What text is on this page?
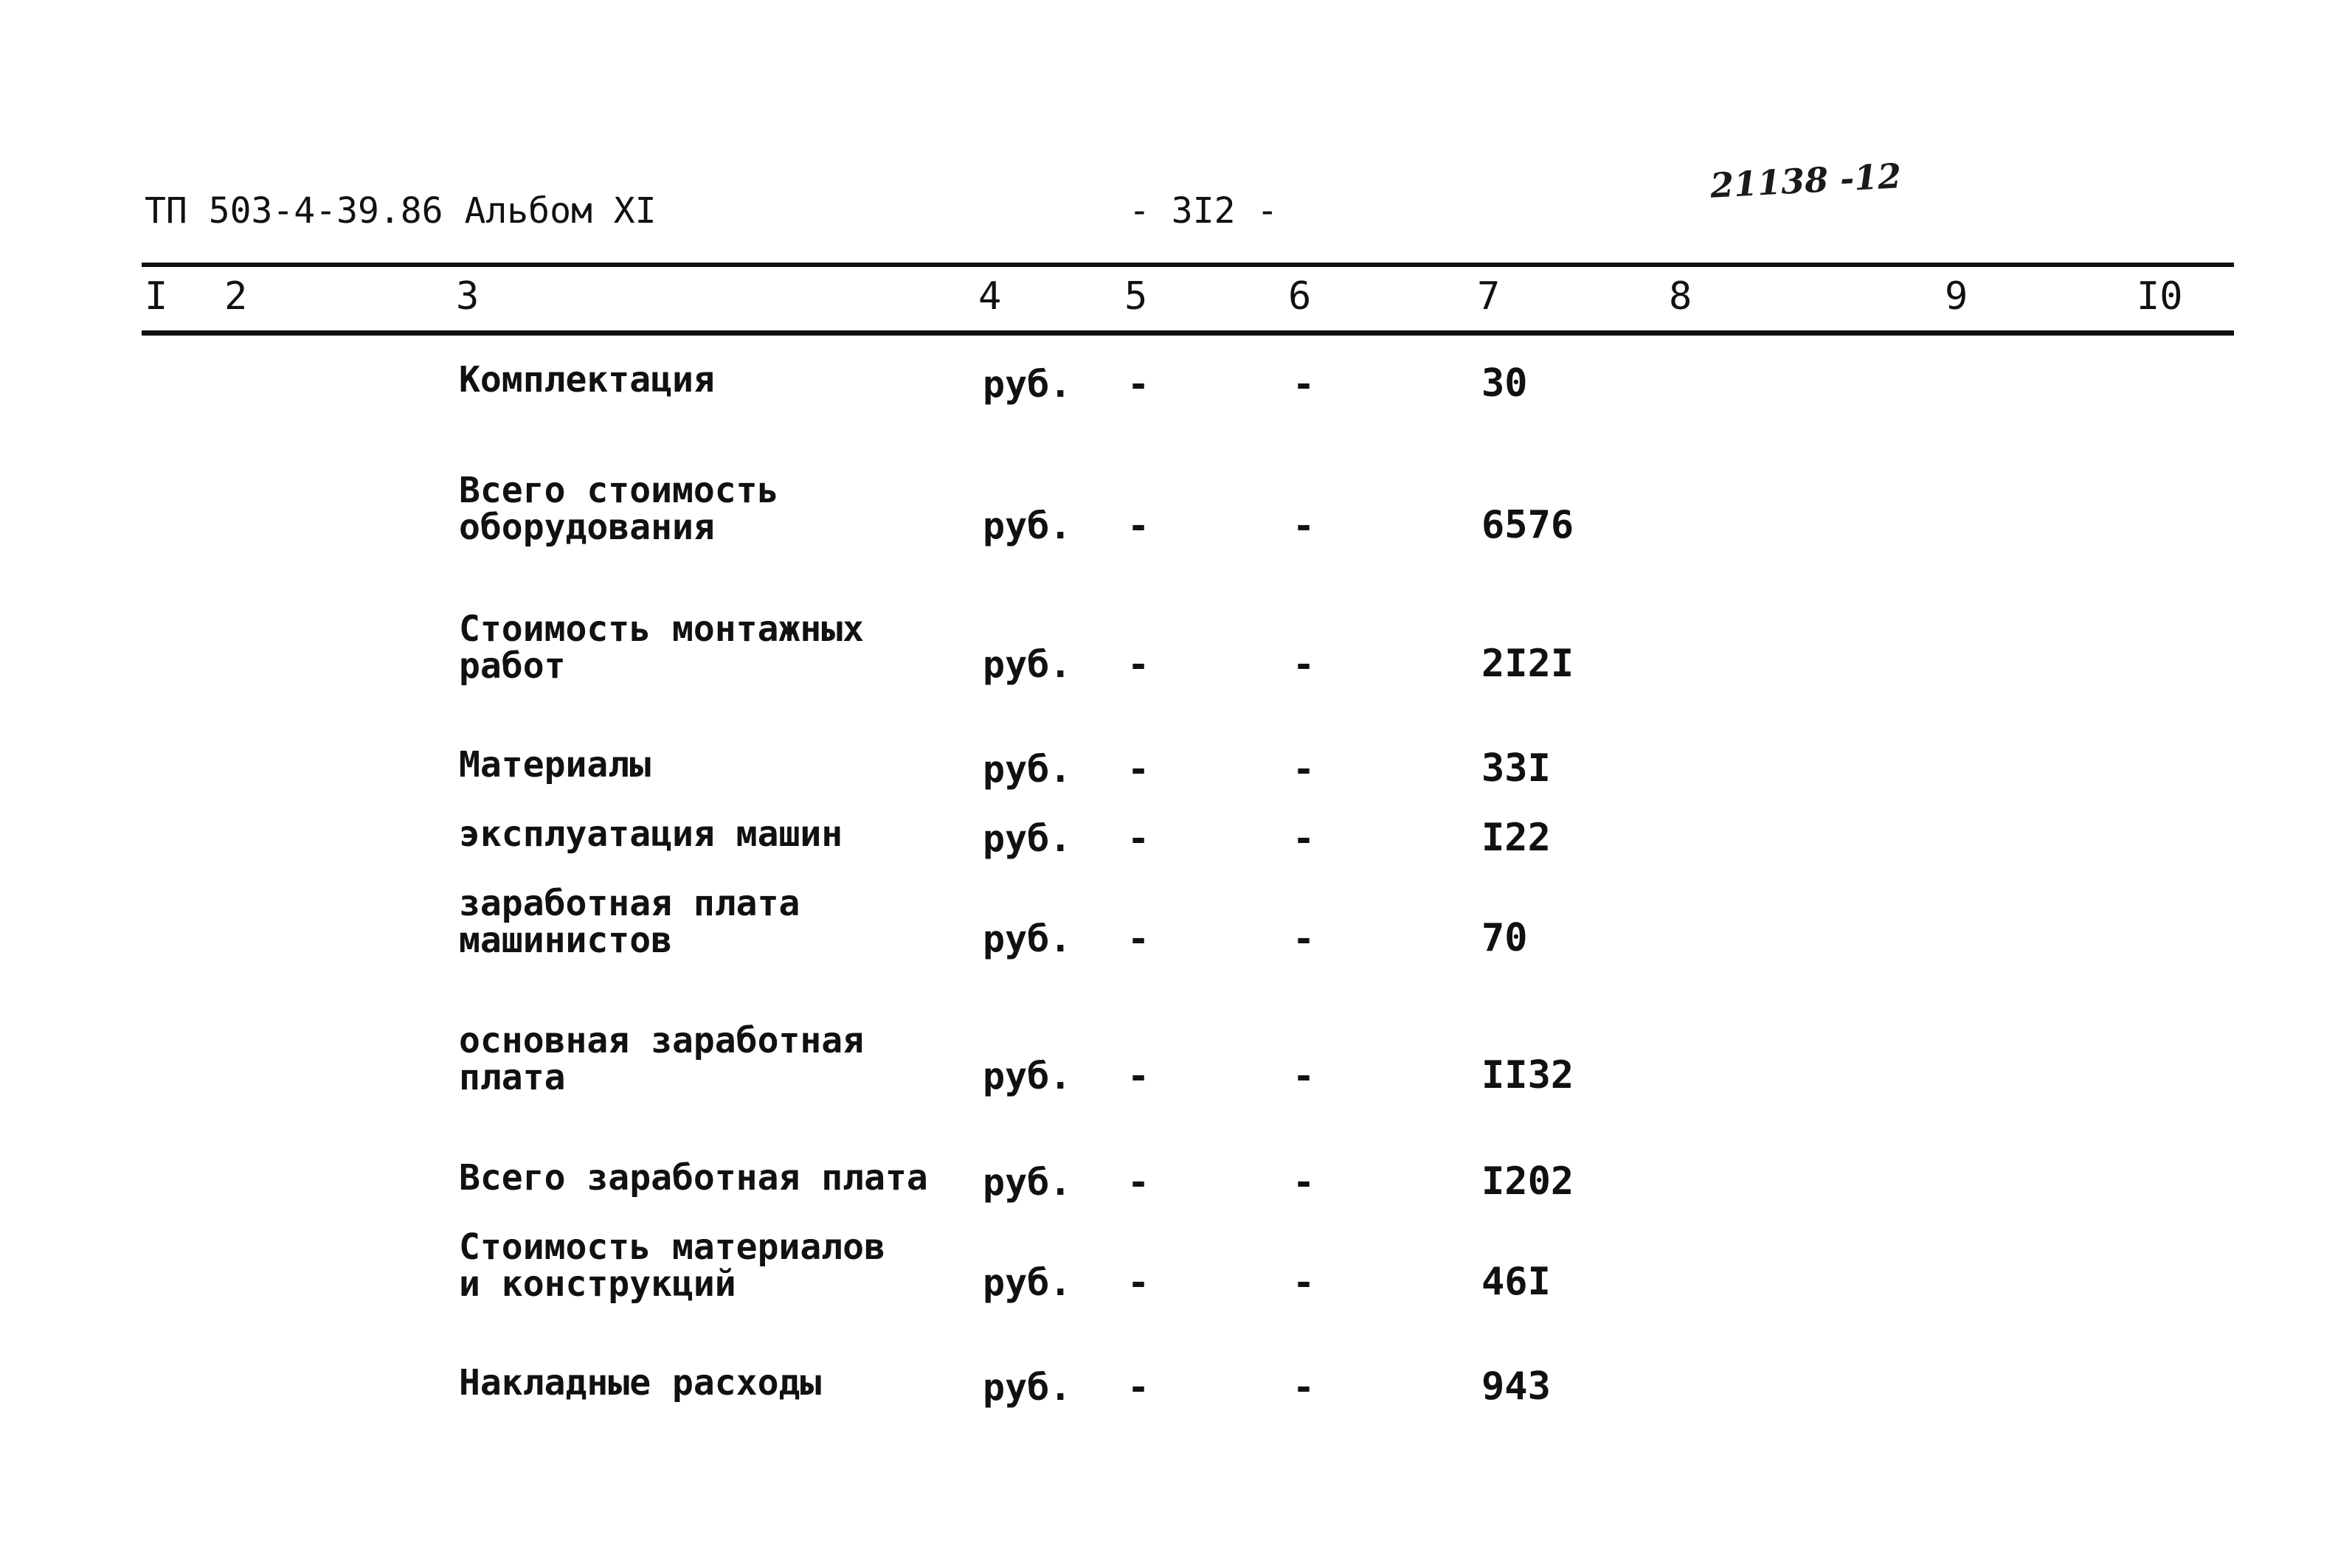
ТП 503-4-39.86 Альбом XI	- 3I2 -
21138 -12
I 2	3	4	5	6	7	8	9	I0
Комплектация	руб. -	-	30
Всего стоимость
оборудования	руб. -	-	6576
Стоимость монтажных
работ	руб. -	-	2I2I
Материалы	руб. -	-	33I
эксплуатация машин	руб. -	-	I22
заработная плата
машинистов	руб. -	-	70
основная заработная
плата	руб. -	-	II32
Всего заработная плата руб. -	-	I202
Стоимость материалов
и конструкций	руб. -	-	46I
Накладные расходы	руб. -	-	943
